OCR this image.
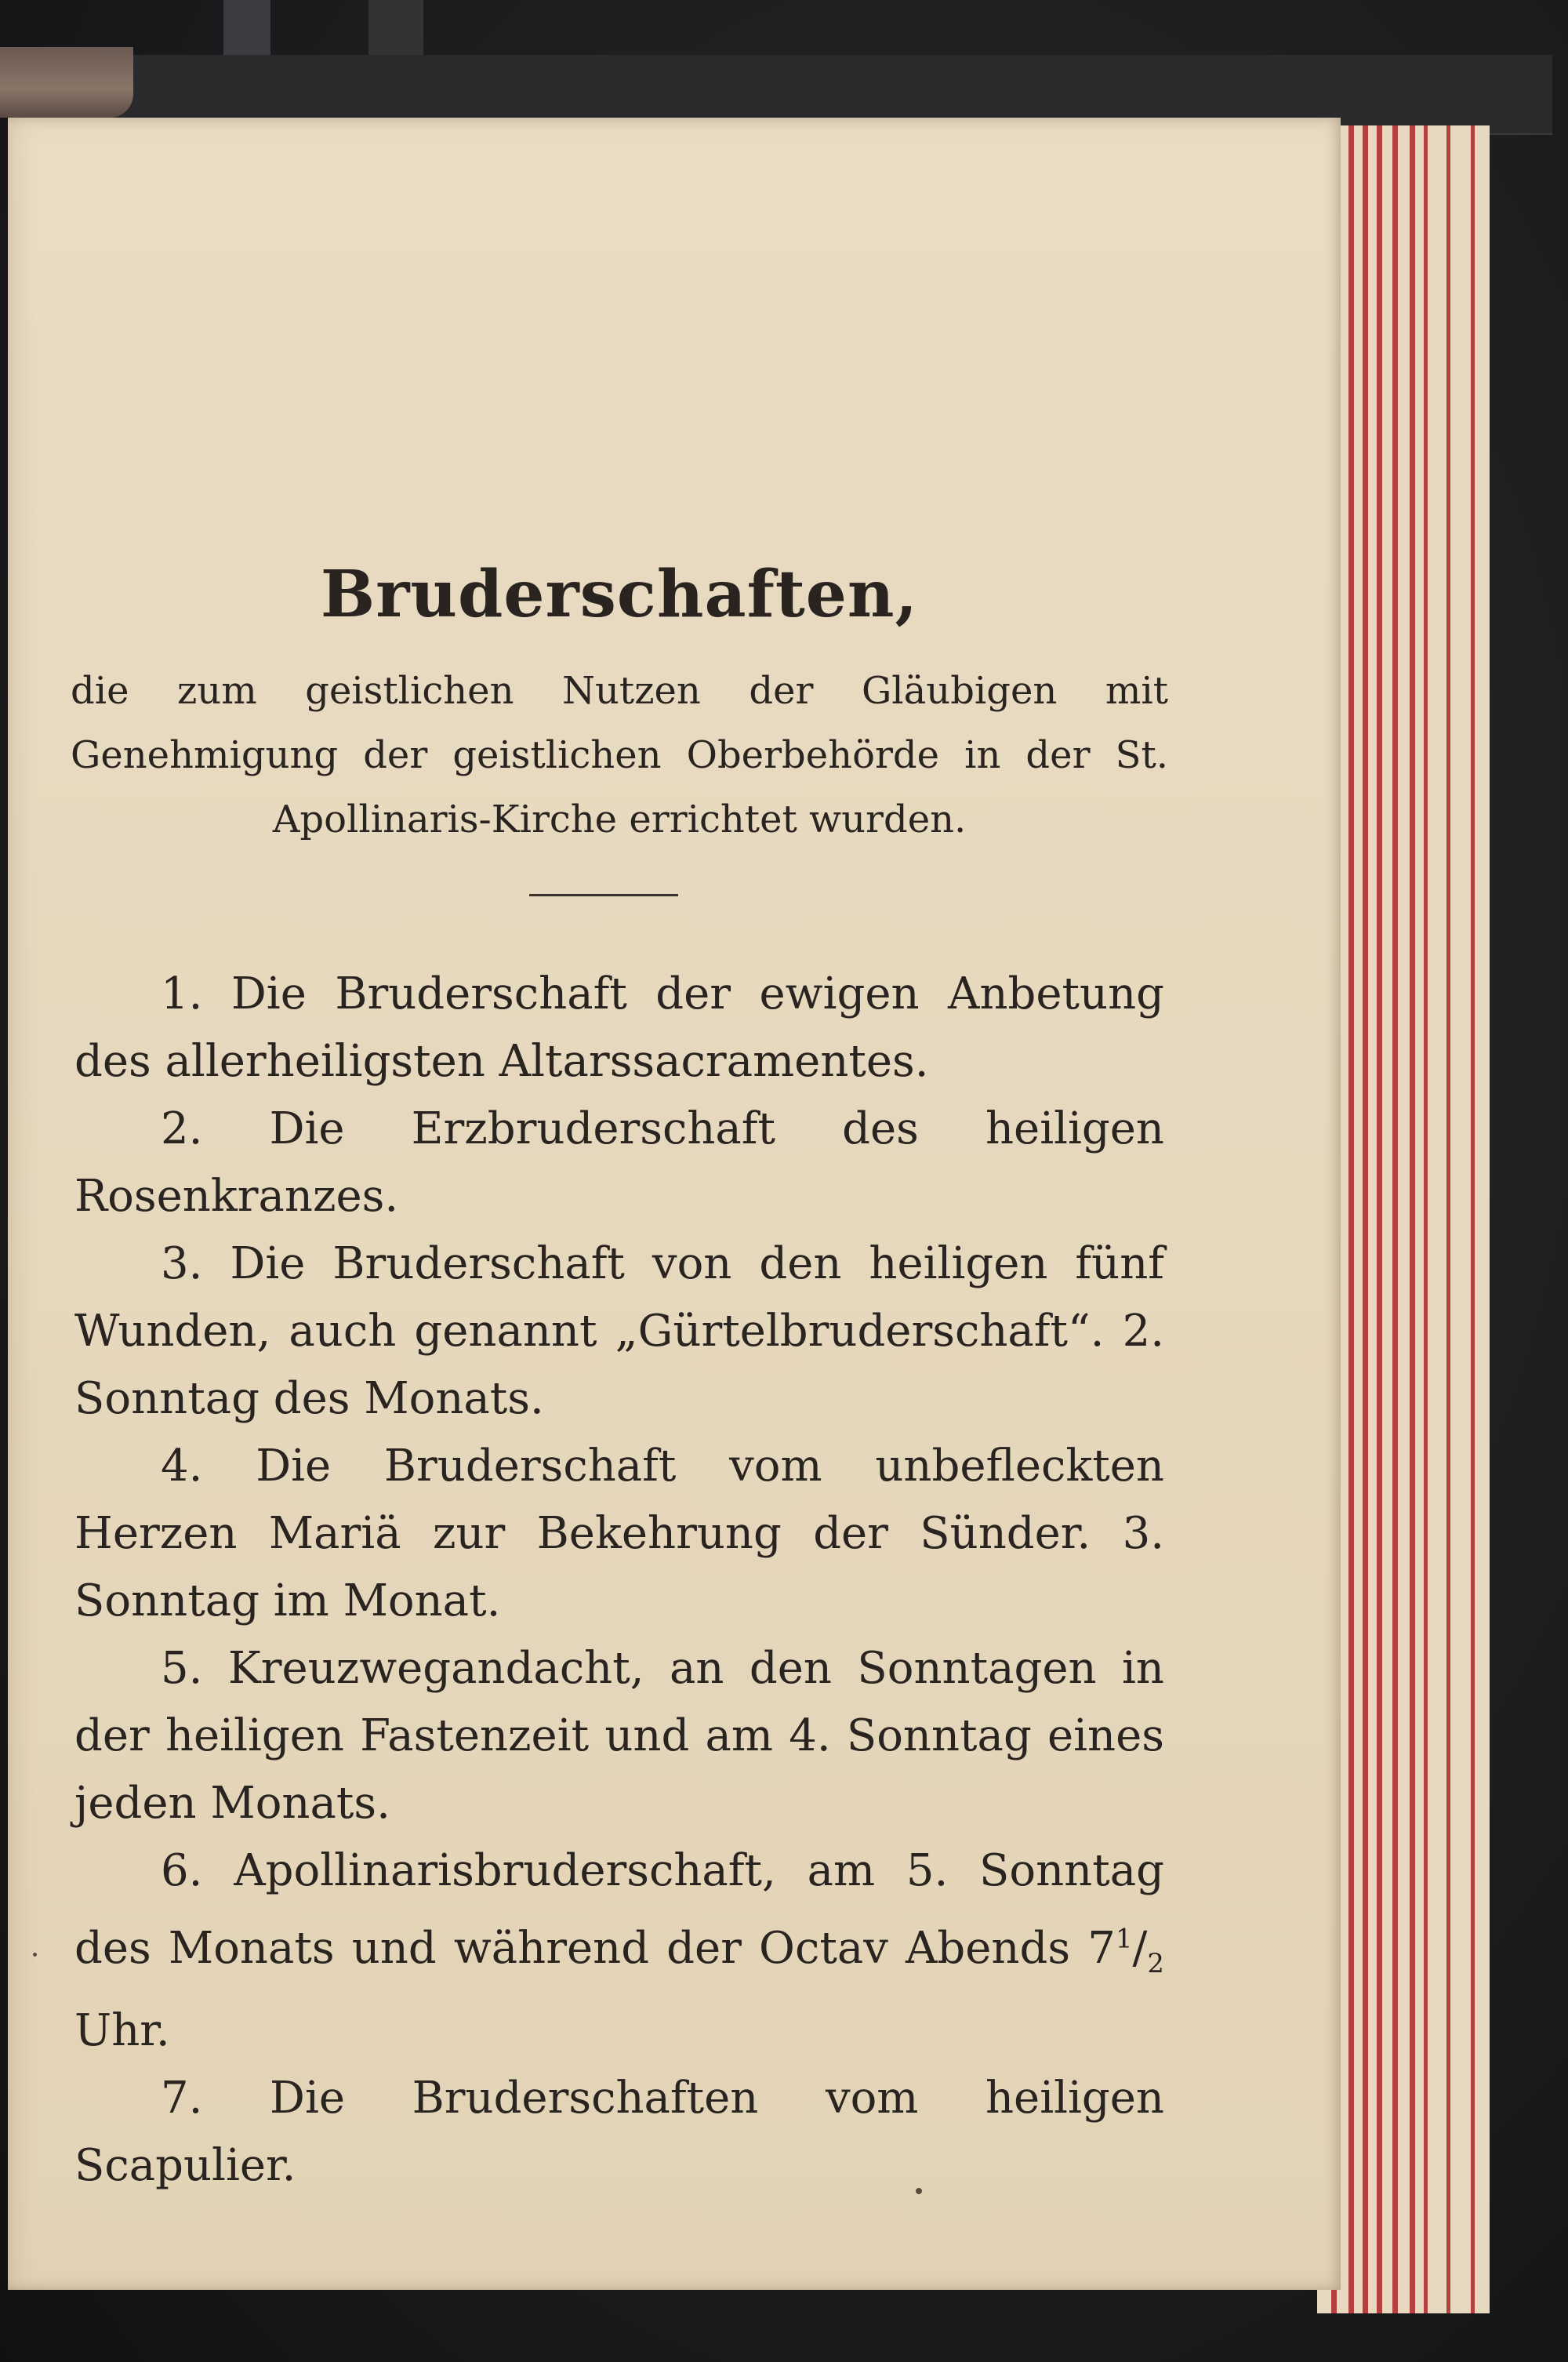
Bruderschaften,
die zum geistlichen Nutzen der Gläubigen mit Genehmigung der geistlichen Oberbehörde in der St. Apollinaris-Kirche errichtet wurden.

1. Die Bruderschaft der ewigen Anbetung des allerheiligsten Altarssacramentes.

2. Die Erzbruderschaft des heiligen Rosenkranzes.

3. Die Bruderschaft von den heiligen fünf Wunden, auch genannt „Gürtelbruderschaft“. 2. Sonntag des Monats.

4. Die Bruderschaft vom unbefleckten Herzen Mariä zur Bekehrung der Sünder. 3. Sonntag im Monat.

5. Kreuzwegandacht, an den Sonntagen in der heiligen Fastenzeit und am 4. Sonntag eines jeden Monats.

6. Apollinarisbruderschaft, am 5. Sonntag des Monats und während der Octav Abends $7^1/_2$ Uhr.

7. Die Bruderschaften vom heiligen Scapulier.
